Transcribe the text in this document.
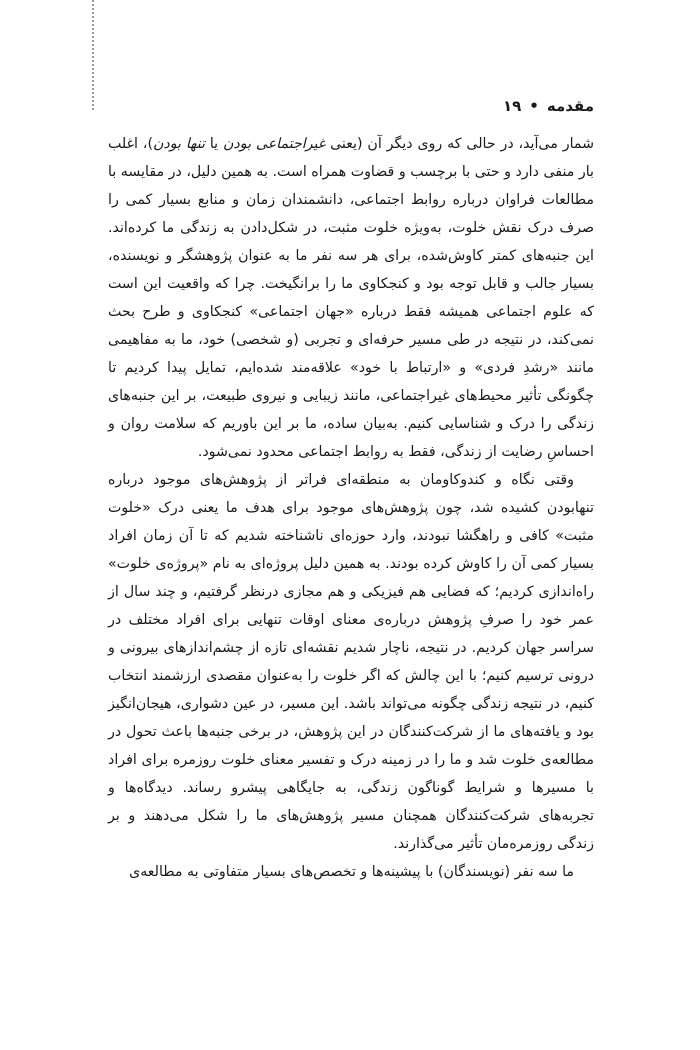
مقدمه•۱۹

شمار می‌آید، در حالی که روی دیگر آن (یعنی غیراجتماعی بودن یا تنها بودن)، اغلب بار منفی دارد و حتی با برچسب و قضاوت همراه است. به همین دلیل، در مقایسه با مطالعات فراوان درباره روابط اجتماعی، دانشمندان زمان و منابع بسیار کمی را صرف درک نقش خلوت، به‌ویژه خلوت مثبت، در شکل‌دادن به زندگی ما کرده‌اند. این جنبه‌های کمتر کاوش‌شده، برای هر سه نفر ما به عنوان پژوهشگر و نویسنده، بسیار جالب و قابل توجه بود و کنجکاوی ما را برانگیخت. چرا که واقعیت این است که علوم اجتماعی همیشه فقط درباره «جهان اجتماعی» کنجکاوی و طرح بحث نمی‌کند، در نتیجه در طی مسیر حرفه‌ای و تجربی (و شخصی) خود، ما به مفاهیمی مانند «رشدِ فردی» و «ارتباط با خود» علاقه‌مند شده‌ایم، تمایل پیدا کردیم تا چگونگی تأثیر محیط‌های غیراجتماعی، مانند زیبایی و نیروی طبیعت، بر این جنبه‌های زندگی را درک و شناسایی کنیم. به‌بیان ساده، ما بر این باوریم که سلامت روان و احساسِ رضایت از زندگی، فقط به روابط اجتماعی محدود نمی‌شود.

وقتی نگاه و کندوکاومان به منطقه‌ای فراتر از پژوهش‌های موجود درباره تنهابودن کشیده شد، چون پژوهش‌های موجود برای هدف ما یعنی درک «خلوت مثبت» کافی و راهگشا نبودند، وارد حوزه‌ای ناشناخته شدیم که تا آن زمان افراد بسیار کمی آن را کاوش کرده بودند. به همین دلیل پروژه‌ای به نام «پروژه‌ی خلوت» راه‌اندازی کردیم؛ که فضایی هم فیزیکی و هم مجازی درنظر گرفتیم، و چند سال از عمر خود را صرفِ پژوهش درباره‌ی معنای اوقات تنهایی برای افراد مختلف در سراسر جهان کردیم. در نتیجه، ناچار شدیم نقشه‌ای تازه از چشم‌اندازهای بیرونی و درونی ترسیم کنیم؛ با این چالش که اگر خلوت را به‌عنوان مقصدی ارزشمند انتخاب کنیم، در نتیجه زندگی چگونه می‌تواند باشد. این مسیر، در عین دشواری، هیجان‌انگیز بود و یافته‌های ما از شرکت‌کنندگان در این پژوهش، در برخی جنبه‌ها باعث تحول در مطالعه‌ی خلوت شد و ما را در زمینه درک و تفسیر معنای خلوت روزمره برای افراد با مسیرها و شرایط گوناگون زندگی، به جایگاهی پیشرو رساند. دیدگاه‌ها و تجربه‌های شرکت‌کنندگان همچنان مسیر پژوهش‌های ما را شکل می‌دهند و بر زندگی روزمره‌مان تأثیر می‌گذارند.

ما سه نفر (نویسندگان) با پیشینه‌ها و تخصص‌های بسیار متفاوتی به مطالعه‌ی
